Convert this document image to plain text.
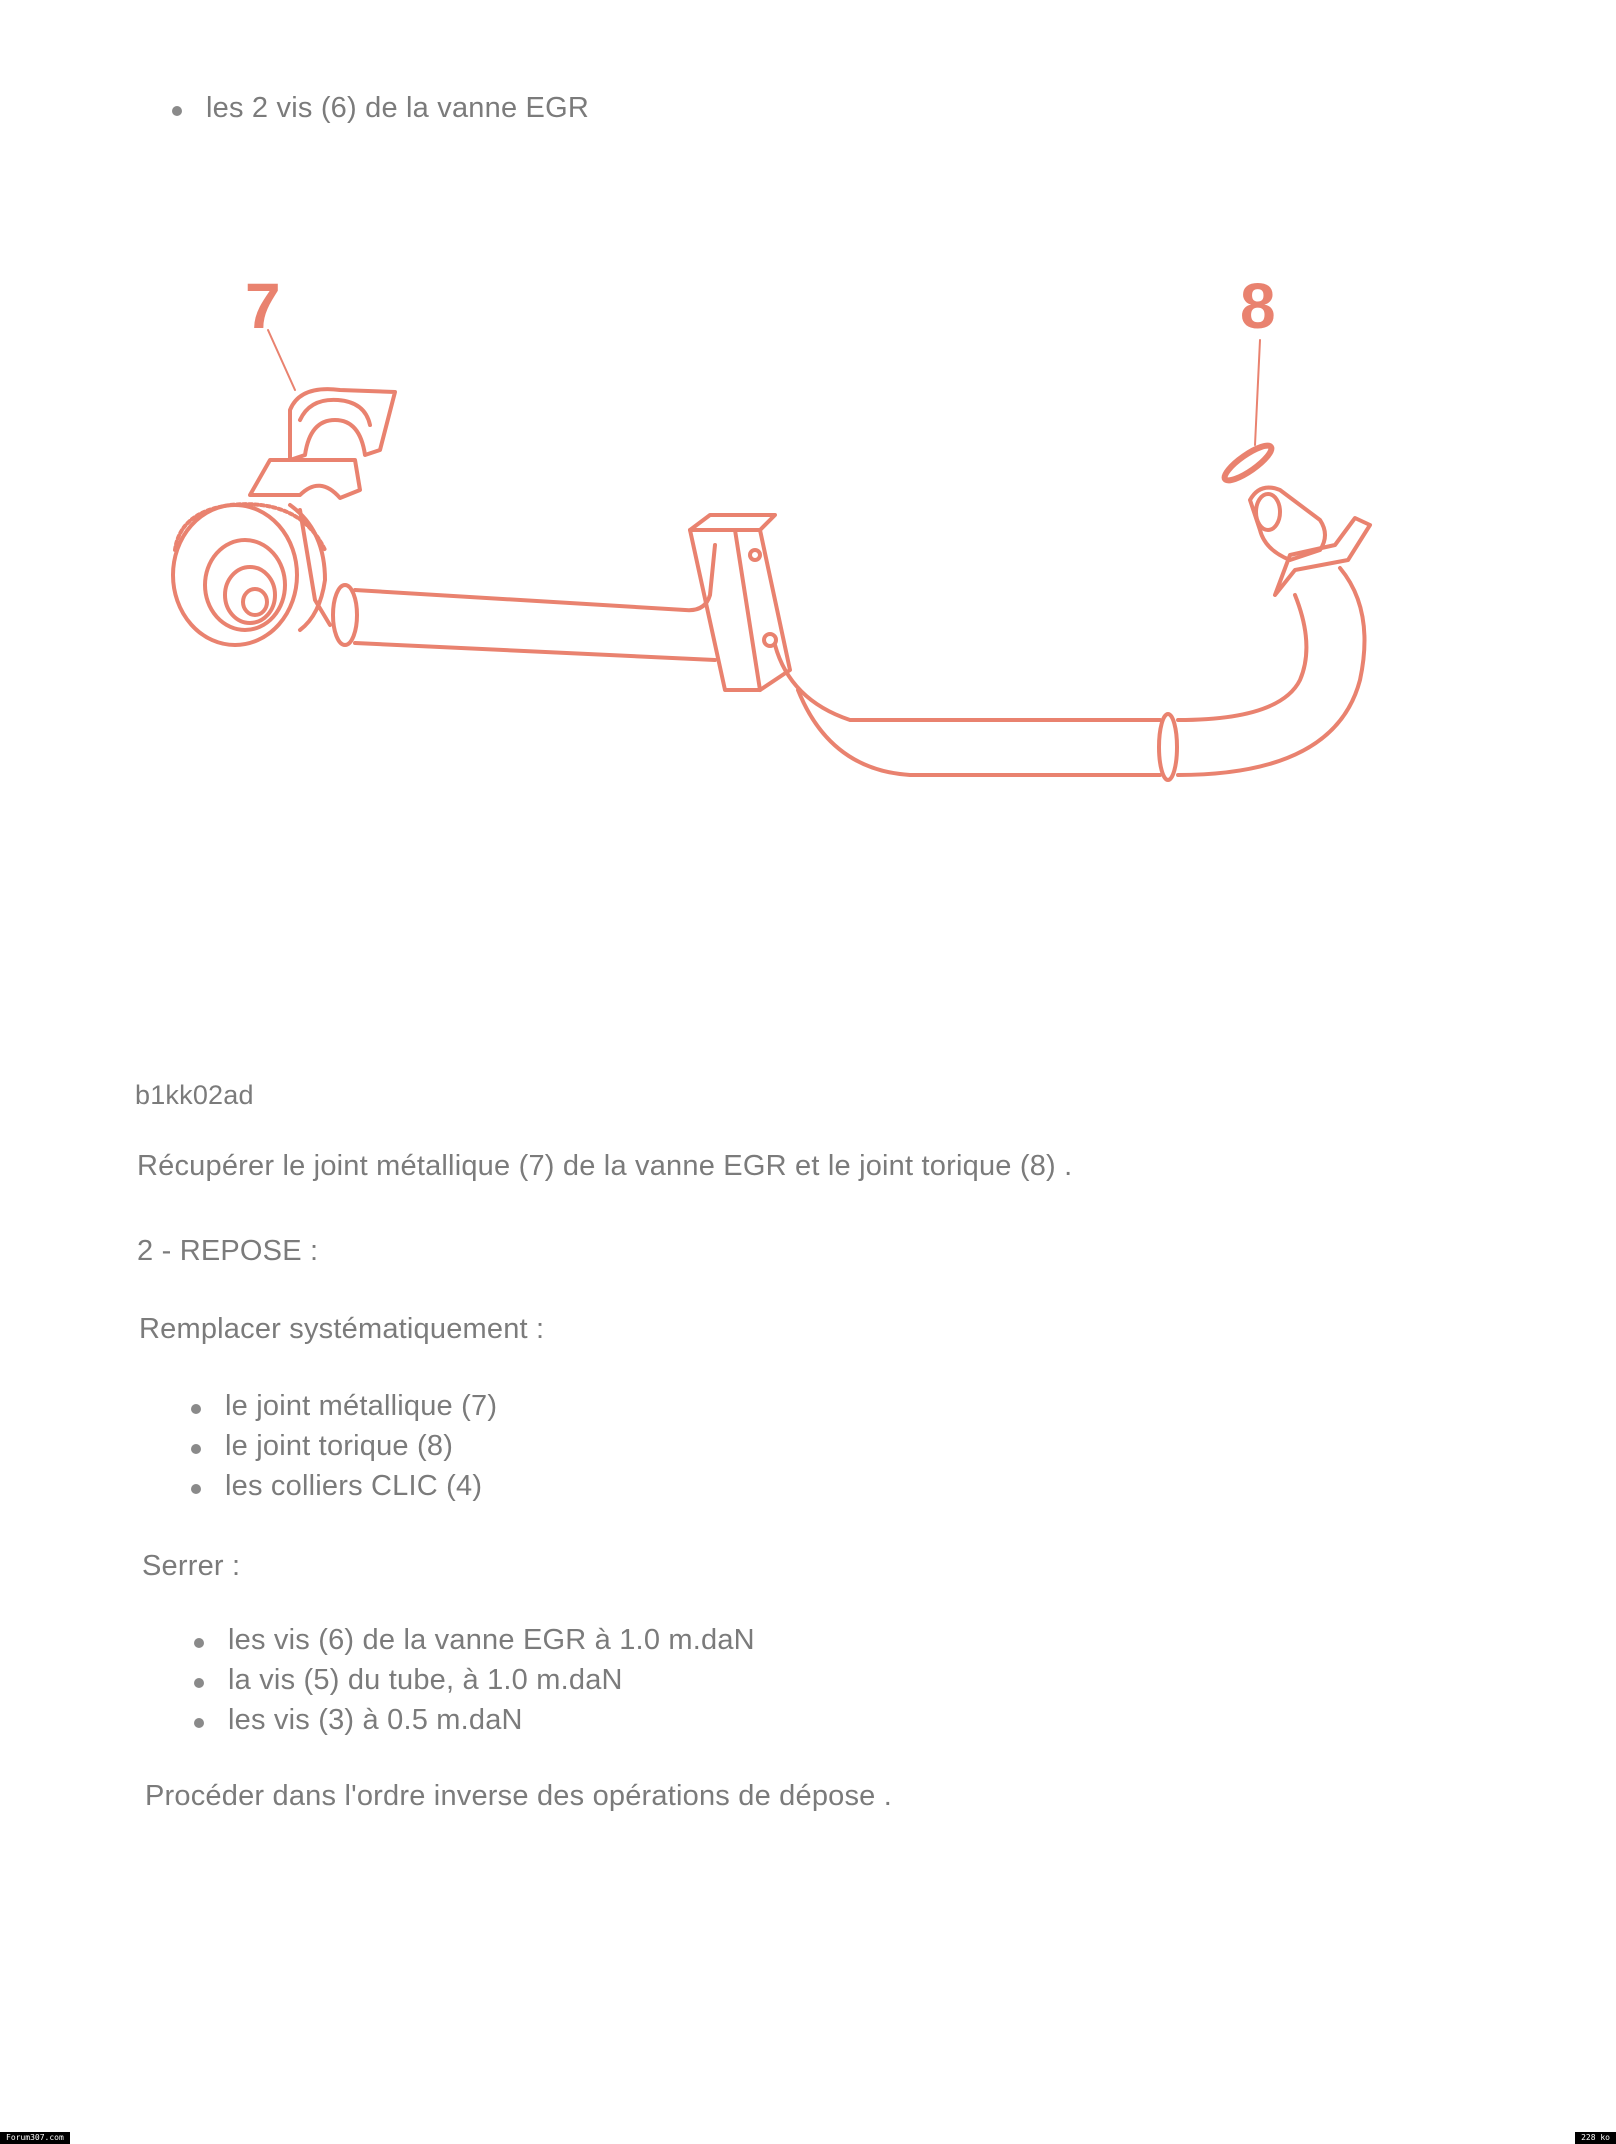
les 2 vis (6) de la vanne EGR
7	8
b1kk02ad
Récupérer le joint métallique (7) de la vanne EGR et le joint torique (8) .
2 - REPOSE :
Remplacer systématiquement :
le joint métallique (7)
le joint torique (8)
les colliers CLIC (4)
Serrer :
les vis (6) de la vanne EGR à 1.0 m.daN
la vis (5) du tube, à 1.0 m.daN
les vis (3) à 0.5 m.daN
Procéder dans l'ordre inverse des opérations de dépose .
Forum307.com	228 ko
